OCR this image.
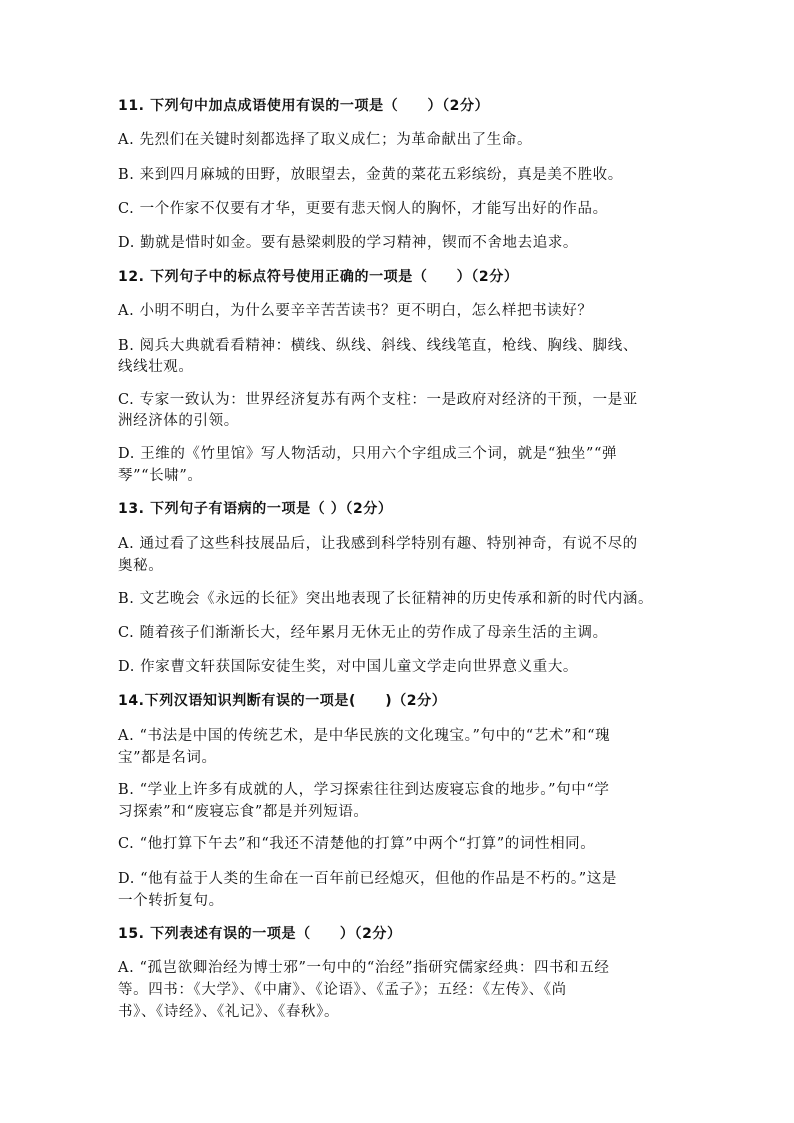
11. 下列句中加点成语使用有误的一项是（　　）（2分）
A. 先烈们在关键时刻都选择了取义成仁；为革命献出了生命。
B. 来到四月麻城的田野，放眼望去，金黄的菜花五彩缤纷，真是美不胜收。
C. 一个作家不仅要有才华，更要有悲天悯人的胸怀，才能写出好的作品。
D. 勤就是惜时如金。要有悬梁刺股的学习精神，锲而不舍地去追求。
12. 下列句子中的标点符号使用正确的一项是（　　）（2分）
A. 小明不明白，为什么要辛辛苦苦读书？更不明白，怎么样把书读好？
B. 阅兵大典就看看精神：横线、纵线、斜线、线线笔直，枪线、胸线、脚线、
线线壮观。
C. 专家一致认为：世界经济复苏有两个支柱：一是政府对经济的干预，一是亚
洲经济体的引领。
D. 王维的《竹里馆》写人物活动，只用六个字组成三个词，就是“独坐”“弹
琴”“长啸”。
13. 下列句子有语病的一项是（ ）（2分）
A. 通过看了这些科技展品后，让我感到科学特别有趣、特别神奇，有说不尽的
奥秘。
B. 文艺晚会《永远的长征》突出地表现了长征精神的历史传承和新的时代内涵。
C. 随着孩子们渐渐长大，经年累月无休无止的劳作成了母亲生活的主调。
D. 作家曹文轩获国际安徒生奖，对中国儿童文学走向世界意义重大。
14.下列汉语知识判断有误的一项是(　　)（2分）
A. “书法是中国的传统艺术，是中华民族的文化瑰宝。”句中的“艺术”和“瑰
宝”都是名词。
B. “学业上许多有成就的人，学习探索往往到达废寝忘食的地步。”句中“学
习探索”和“废寝忘食”都是并列短语。
C. “他打算下午去”和“我还不清楚他的打算”中两个“打算”的词性相同。
D. “他有益于人类的生命在一百年前已经熄灭，但他的作品是不朽的。”这是
一个转折复句。
15. 下列表述有误的一项是（　　）（2分）
A. “孤岂欲卿治经为博士邪”一句中的“治经”指研究儒家经典：四书和五经
等。四书：《大学》、《中庸》、《论语》、《孟子》；五经：《左传》、《尚
书》、《诗经》、《礼记》、《春秋》。
